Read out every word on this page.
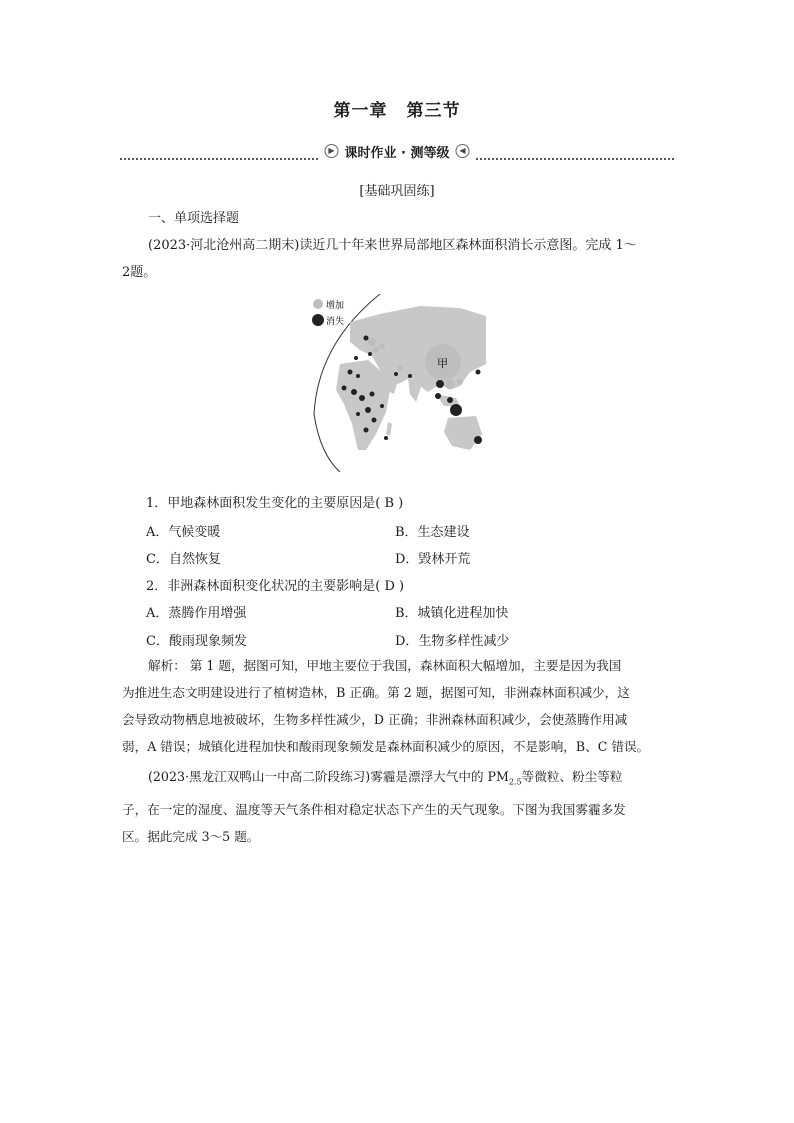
第一章 第三节
▶ 课时作业 · 测等级	◀
[基础巩固练]
一、单项选择题
(2023·河北沧州高二期末)读近几十年来世界局部地区森林面积消长示意图。完成 1～
2题。
增加
消失
甲
1．甲地森林面积发生变化的主要原因是( B )
A．气候变暖	B．生态建设
C．自然恢复	D．毁林开荒
2．非洲森林面积变化状况的主要影响是( D )
A．蒸腾作用增强	B．城镇化进程加快
C．酸雨现象频发	D．生物多样性减少
解析： 第 1 题，据图可知，甲地主要位于我国，森林面积大幅增加，主要是因为我国
为推进生态文明建设进行了植树造林，B 正确。第 2 题，据图可知，非洲森林面积减少，这
会导致动物栖息地被破坏，生物多样性减少，D 正确；非洲森林面积减少，会使蒸腾作用减
弱，A 错误；城镇化进程加快和酸雨现象频发是森林面积减少的原因，不是影响，B、C 错误。
(2023·黑龙江双鸭山一中高二阶段练习)雾霾是漂浮大气中的 $PM_{2.5}$等微粒、粉尘等粒
子，在一定的湿度、温度等天气条件相对稳定状态下产生的天气现象。下图为我国雾霾多发
区。据此完成 3～5 题。
